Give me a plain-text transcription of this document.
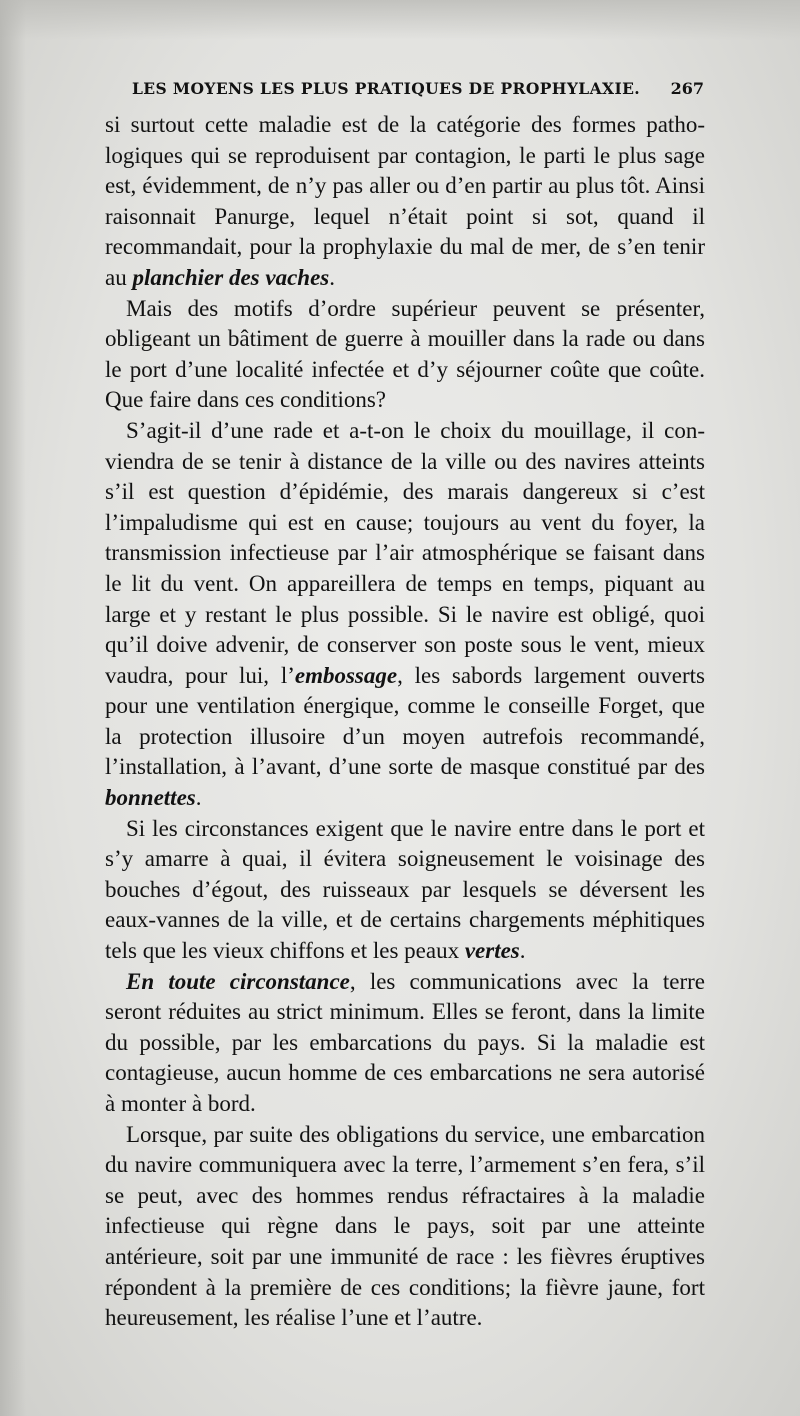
LES MOYENS LES PLUS PRATIQUES DE PROPHYLAXIE. 267

si surtout cette maladie est de la catégorie des formes pathologiques qui se reproduisent par contagion, le parti le plus sage est, évidemment, de n’y pas aller ou d’en partir au plus tôt. Ainsi raisonnait Panurge, lequel n’était point si sot, quand il recommandait, pour la prophylaxie du mal de mer, de s’en tenir au planchier des vaches.

Mais des motifs d’ordre supérieur peuvent se présenter, obligeant un bâtiment de guerre à mouiller dans la rade ou dans le port d’une localité infectée et d’y séjourner coûte que coûte. Que faire dans ces conditions?

S’agit-il d’une rade et a-t-on le choix du mouillage, il conviendra de se tenir à distance de la ville ou des navires atteints s’il est question d’épidémie, des marais dangereux si c’est l’impaludisme qui est en cause; toujours au vent du foyer, la transmission infectieuse par l’air atmosphérique se faisant dans le lit du vent. On appareillera de temps en temps, piquant au large et y restant le plus possible. Si le navire est obligé, quoi qu’il doive advenir, de conserver son poste sous le vent, mieux vaudra, pour lui, l’embossage, les sabords largement ouverts pour une ventilation énergique, comme le conseille Forget, que la protection illusoire d’un moyen autrefois recommandé, l’installation, à l’avant, d’une sorte de masque constitué par des bonnettes.

Si les circonstances exigent que le navire entre dans le port et s’y amarre à quai, il évitera soigneusement le voisinage des bouches d’égout, des ruisseaux par lesquels se déversent les eaux-vannes de la ville, et de certains chargements méphitiques tels que les vieux chiffons et les peaux vertes.

En toute circonstance, les communications avec la terre seront réduites au strict minimum. Elles se feront, dans la limite du possible, par les embarcations du pays. Si la maladie est contagieuse, aucun homme de ces embarcations ne sera autorisé à monter à bord.

Lorsque, par suite des obligations du service, une embarcation du navire communiquera avec la terre, l’armement s’en fera, s’il se peut, avec des hommes rendus réfractaires à la maladie infectieuse qui règne dans le pays, soit par une atteinte antérieure, soit par une immunité de race : les fièvres éruptives répondent à la première de ces conditions; la fièvre jaune, fort heureusement, les réalise l’une et l’autre.
